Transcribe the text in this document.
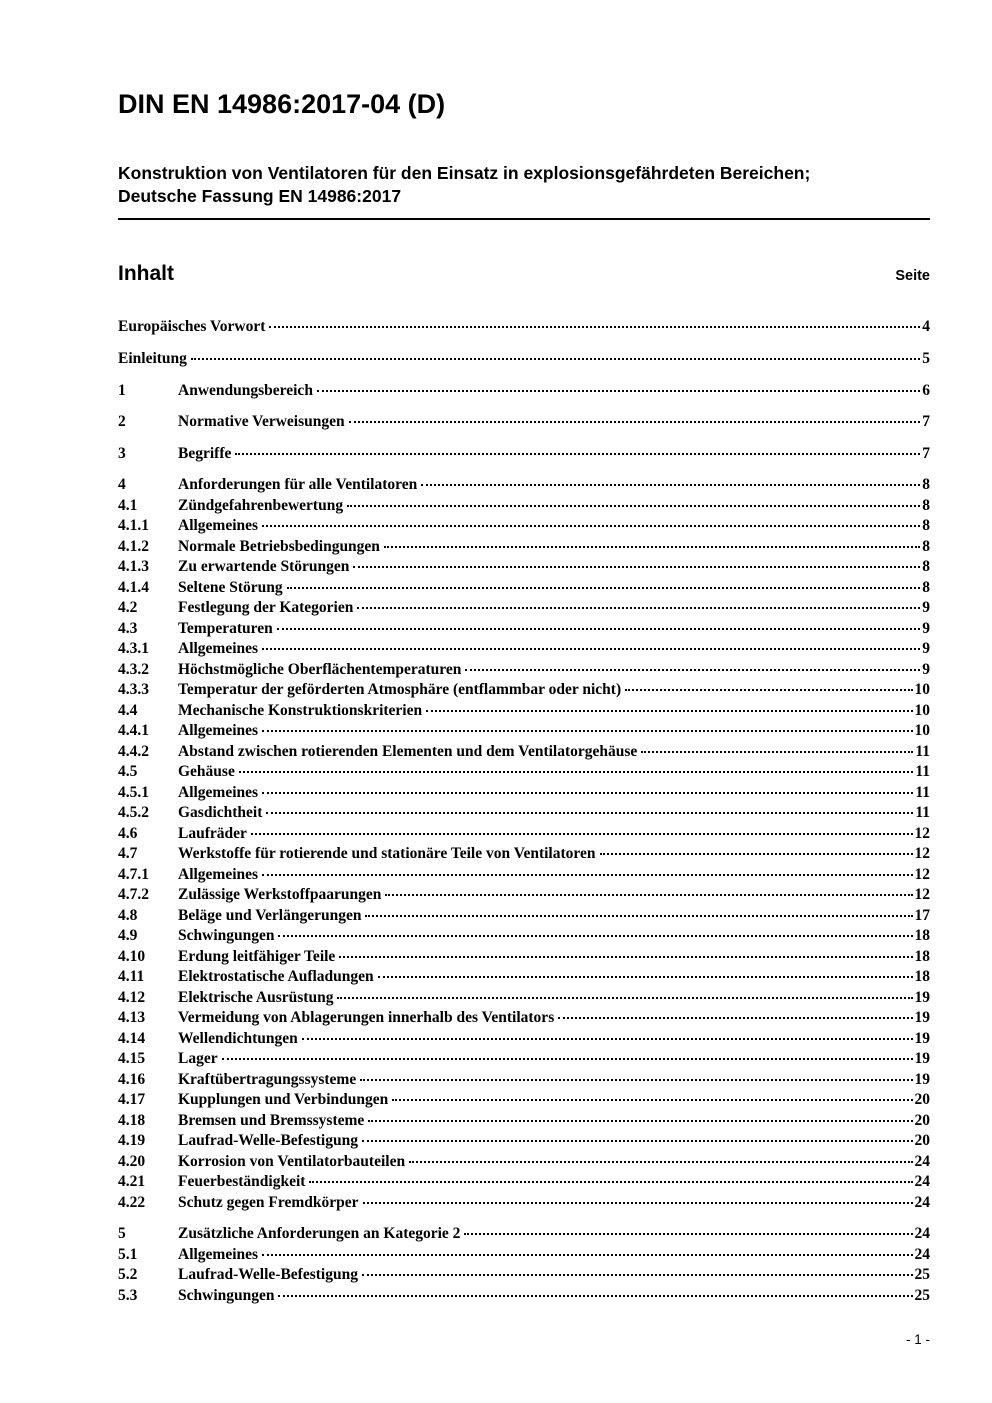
DIN EN 14986:2017-04 (D)
Konstruktion von Ventilatoren für den Einsatz in explosionsgefährdeten Bereichen;
Deutsche Fassung EN 14986:2017
Inhalt	Seite
Europäisches Vorwort	4
Einleitung	5
1	Anwendungsbereich	6
2	Normative Verweisungen	7
3	Begriffe	7
4	Anforderungen für alle Ventilatoren	8
4.1	Zündgefahrenbewertung	8
4.1.1	Allgemeines	8
4.1.2	Normale Betriebsbedingungen	8
4.1.3	Zu erwartende Störungen	8
4.1.4	Seltene Störung	8
4.2	Festlegung der Kategorien	9
4.3	Temperaturen	9
4.3.1	Allgemeines	9
4.3.2	Höchstmögliche Oberflächentemperaturen	9
4.3.3	Temperatur der geförderten Atmosphäre (entflammbar oder nicht)	10
4.4	Mechanische Konstruktionskriterien	10
4.4.1	Allgemeines	10
4.4.2	Abstand zwischen rotierenden Elementen und dem Ventilatorgehäuse	11
4.5	Gehäuse	11
4.5.1	Allgemeines	11
4.5.2	Gasdichtheit	11
4.6	Laufräder	12
4.7	Werkstoffe für rotierende und stationäre Teile von Ventilatoren	12
4.7.1	Allgemeines	12
4.7.2	Zulässige Werkstoffpaarungen	12
4.8	Beläge und Verlängerungen	17
4.9	Schwingungen	18
4.10	Erdung leitfähiger Teile	18
4.11	Elektrostatische Aufladungen	18
4.12	Elektrische Ausrüstung	19
4.13	Vermeidung von Ablagerungen innerhalb des Ventilators	19
4.14	Wellendichtungen	19
4.15	Lager	19
4.16	Kraftübertragungssysteme	19
4.17	Kupplungen und Verbindungen	20
4.18	Bremsen und Bremssysteme	20
4.19	Laufrad-Welle-Befestigung	20
4.20	Korrosion von Ventilatorbauteilen	24
4.21	Feuerbeständigkeit	24
4.22	Schutz gegen Fremdkörper	24
5	Zusätzliche Anforderungen an Kategorie 2	24
5.1	Allgemeines	24
5.2	Laufrad-Welle-Befestigung	25
5.3	Schwingungen	25
- 1 -
